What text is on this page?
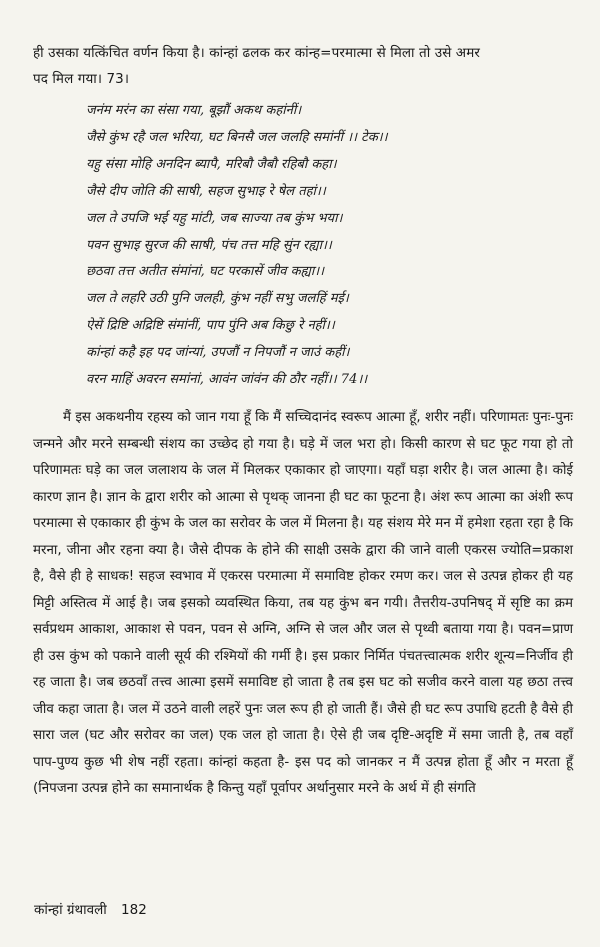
ही उसका यत्किंचित वर्णन किया है। कांन्हां ढलक कर कांन्ह=परमात्मा से मिला तो उसे अमर

पद मिल गया। 73।

जनंम मरंन का संसा गया, बूझौं अकथ कहांनीं।
जैसे कुंभ रहै जल भरिया, घट बिनसै जल जलहि समांनीं ।। टेक।।
यहु संसा मोहि अनदिन ब्यापै, मरिबौ जैबौ रहिबौ कहा।
जैसे दीप जोति की साषी, सहज सुभाइ रे षेल तहां।।
जल ते उपजि भई यहु मांटी, जब साज्या तब कुंभ भया।
पवन सुभाइ सुरज की साषी, पंच तत्त महि सुंन रह्या।।
छठवा तत्त अतीत संमांनां, घट परकासें जीव कह्या।।
जल ते लहरि उठी पुनि जलही, कुंभ नहीं सभु जलहिं मई।
ऐसें द्रिष्टि अद्रिष्टि संमांनीं, पाप पुंनि अब किछु रे नहीं।।
कांन्हां कहै इह पद जांन्यां, उपजौं न निपजौं न जाउं कहीं।
वरन माहिं अवरन समांनां, आवंन जांवंन की ठौर नहीं।। 74।।

मैं इस अकथनीय रहस्य को जान गया हूँ कि मैं सच्चिदानंद स्वरूप आत्मा हूँ, शरीर नहीं। परिणामतः पुनः-पुनः जन्मने और मरने सम्बन्धी संशय का उच्छेद हो गया है। घड़े में जल भरा हो। किसी कारण से घट फूट गया हो तो परिणामतः घड़े का जल जलाशय के जल में मिलकर एकाकार हो जाएगा। यहाँ घड़ा शरीर है। जल आत्मा है। कोई कारण ज्ञान है। ज्ञान के द्वारा शरीर को आत्मा से पृथक् जानना ही घट का फूटना है। अंश रूप आत्मा का अंशी रूप परमात्मा से एकाकार ही कुंभ के जल का सरोवर के जल में मिलना है। यह संशय मेरे मन में हमेशा रहता रहा है कि मरना, जीना और रहना क्या है। जैसे दीपक के होने की साक्षी उसके द्वारा की जाने वाली एकरस ज्योति=प्रकाश है, वैसे ही हे साधक! सहज स्वभाव में एकरस परमात्मा में समाविष्ट होकर रमण कर। जल से उत्पन्न होकर ही यह मिट्टी अस्तित्व में आई है। जब इसको व्यवस्थित किया, तब यह कुंभ बन गयी। तैत्तरीय-उपनिषद् में सृष्टि का क्रम सर्वप्रथम आकाश, आकाश से पवन, पवन से अग्नि, अग्नि से जल और जल से पृथ्वी बताया गया है। पवन=प्राण ही उस कुंभ को पकाने वाली सूर्य की रश्मियों की गर्मी है। इस प्रकार निर्मित पंचतत्त्वात्मक शरीर शून्य=निर्जीव ही रह जाता है। जब छठवाँ तत्त्व आत्मा इसमें समाविष्ट हो जाता है तब इस घट को सजीव करने वाला यह छठा तत्त्व जीव कहा जाता है। जल में उठने वाली लहरें पुनः जल रूप ही हो जाती हैं। जैसे ही घट रूप उपाधि हटती है वैसे ही सारा जल (घट और सरोवर का जल) एक जल हो जाता है। ऐसे ही जब दृष्टि-अदृष्टि में समा जाती है, तब वहाँ पाप-पुण्य कुछ भी शेष नहीं रहता। कांन्हां कहता है- इस पद को जानकर न मैं उत्पन्न होता हूँ और न मरता हूँ (निपजना उत्पन्न होने का समानार्थक है किन्तु यहाँ पूर्वापर अर्थानुसार मरने के अर्थ में ही संगति

कांन्हां ग्रंथावली 182
